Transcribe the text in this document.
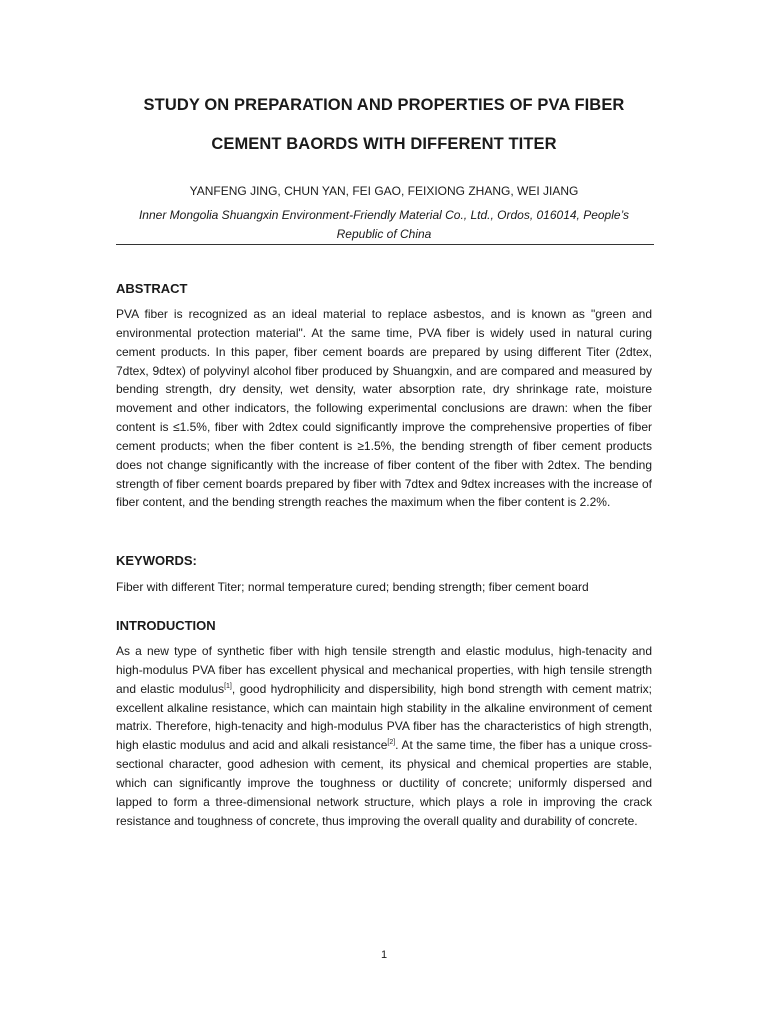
STUDY ON PREPARATION AND PROPERTIES OF PVA FIBER
CEMENT BAORDS WITH DIFFERENT TITER
YANFENG JING, CHUN YAN, FEI GAO, FEIXIONG ZHANG, WEI JIANG
Inner Mongolia Shuangxin Environment-Friendly Material Co., Ltd., Ordos, 016014, People’s Republic of China
ABSTRACT
PVA fiber is recognized as an ideal material to replace asbestos, and is known as "green and environmental protection material". At the same time, PVA fiber is widely used in natural curing cement products. In this paper, fiber cement boards are prepared by using different Titer (2dtex, 7dtex, 9dtex) of polyvinyl alcohol fiber produced by Shuangxin, and are compared and measured by bending strength, dry density, wet density, water absorption rate, dry shrinkage rate, moisture movement and other indicators, the following experimental conclusions are drawn: when the fiber content is ≤1.5%, fiber with 2dtex could significantly improve the comprehensive properties of fiber cement products; when the fiber content is ≥1.5%, the bending strength of fiber cement products does not change significantly with the increase of fiber content of the fiber with 2dtex. The bending strength of fiber cement boards prepared by fiber with 7dtex and 9dtex increases with the increase of fiber content, and the bending strength reaches the maximum when the fiber content is 2.2%.
KEYWORDS:
Fiber with different Titer; normal temperature cured; bending strength; fiber cement board
INTRODUCTION
As a new type of synthetic fiber with high tensile strength and elastic modulus, high-tenacity and high-modulus PVA fiber has excellent physical and mechanical properties, with high tensile strength and elastic modulus[1], good hydrophilicity and dispersibility, high bond strength with cement matrix; excellent alkaline resistance, which can maintain high stability in the alkaline environment of cement matrix. Therefore, high-tenacity and high-modulus PVA fiber has the characteristics of high strength, high elastic modulus and acid and alkali resistance[2]. At the same time, the fiber has a unique cross-sectional character, good adhesion with cement, its physical and chemical properties are stable, which can significantly improve the toughness or ductility of concrete; uniformly dispersed and lapped to form a three-dimensional network structure, which plays a role in improving the crack resistance and toughness of concrete, thus improving the overall quality and durability of concrete.
1
